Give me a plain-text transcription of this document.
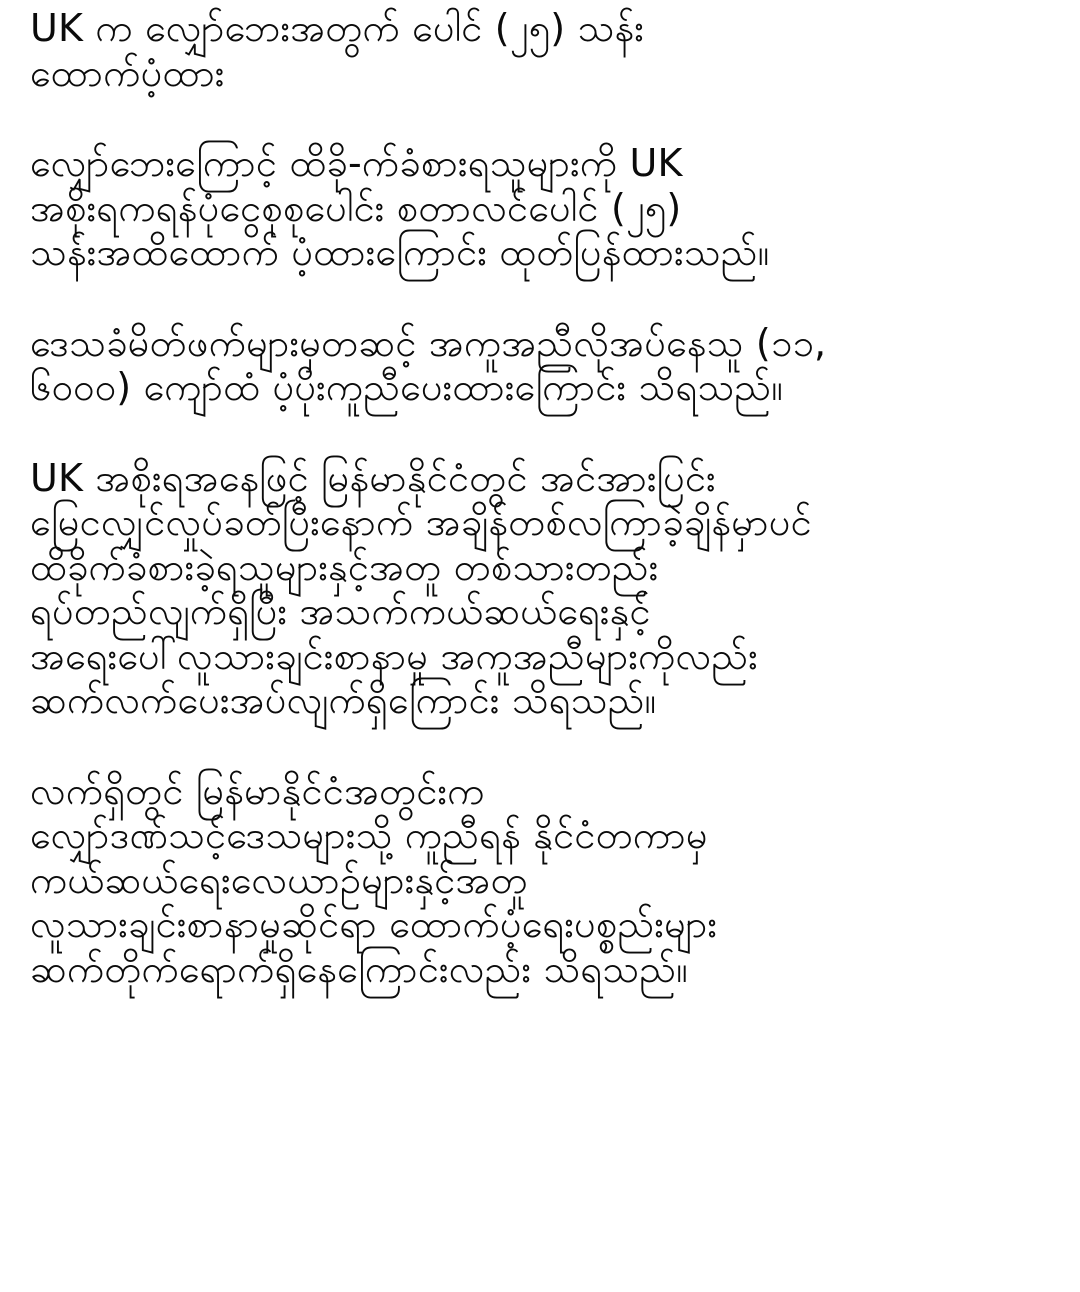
UK က လျှော်ဘေးအတွက် ပေါင် (၂၅) သန်း
ထောက်ပံ့ထား
လျှော်ဘေးကြောင့် ထိခို-က်ခံစားရသူများကို UK
အစိုးရကရန်ပုံငွေစုစုပေါင်း စတာလင်ပေါင် (၂၅)
သန်းအထိထောက် ပံ့ထားကြောင်း ထုတ်ပြန်ထားသည်။
ဒေသခံမိတ်ဖက်များမှတဆင့် အကူအညီလိုအပ်နေသူ (၁၁,
၆၀၀၀) ကျော်ထံ ပံ့ပိုးကူညီပေးထားကြောင်း သိရသည်။
UK အစိုးရအနေဖြင့် မြန်မာနိုင်ငံတွင် အင်အားပြင်း
မြေငလျှင်လှုပ်ခတ်ပြီးနောက် အချိန်တစ်လကြာခဲ့ချိန်မှာပင်
ထိခိုက်ခံစားခဲ့ရသူများနှင့်အတူ တစ်သားတည်း
ရပ်တည်လျက်ရှိပြီး အသက်ကယ်ဆယ်ရေးနှင့်
အရေးပေါ်လူသားချင်းစာနာမှု အကူအညီများကိုလည်း
ဆက်လက်ပေးအပ်လျက်ရှိကြောင်း သိရသည်။
လက်ရှိတွင် မြန်မာနိုင်ငံအတွင်းက
လျှော်ဒဏ်သင့်ဒေသများသို့ ကူညီရန် နိုင်ငံတကာမှ
ကယ်ဆယ်ရေးလေယာဉ်များနှင့်အတူ
လူသားချင်းစာနာမှုဆိုင်ရာ ထောက်ပံ့ရေးပစ္စည်းများ
ဆက်တိုက်ရောက်ရှိနေကြောင်းလည်း သိရသည်။
